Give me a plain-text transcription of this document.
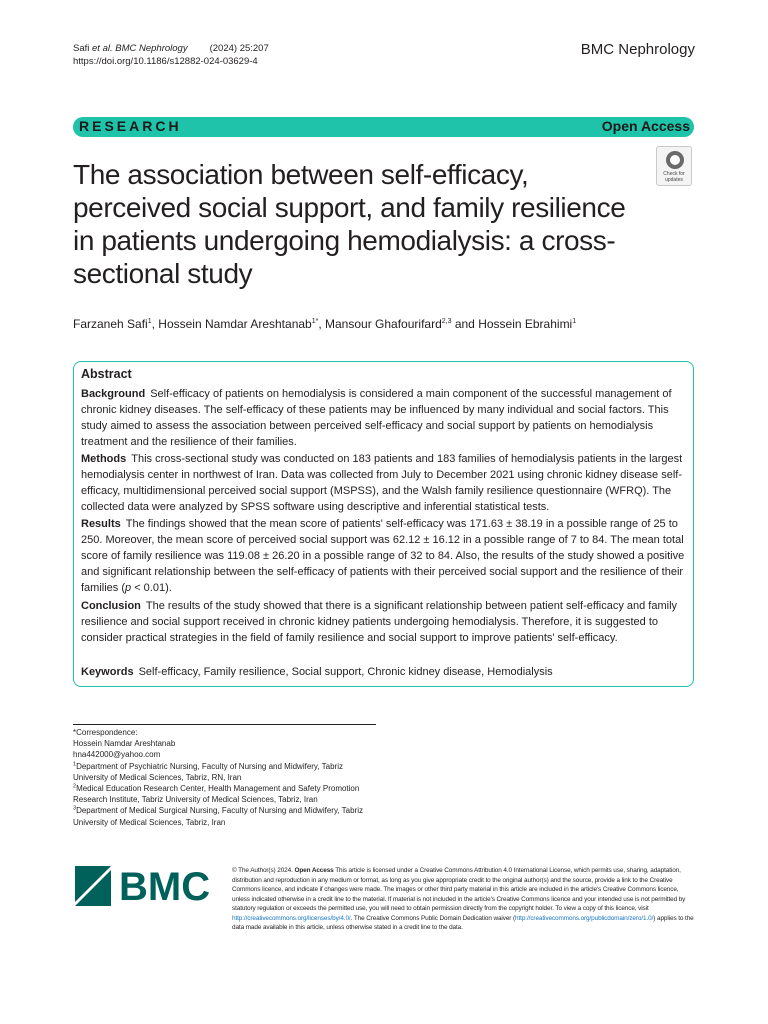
Safi et al. BMC Nephrology (2024) 25:207
https://doi.org/10.1186/s12882-024-03629-4
BMC Nephrology
RESEARCH	Open Access
Check for
updates
The association between self-efficacy, perceived social support, and family resilience in patients undergoing hemodialysis: a cross-sectional study
Farzaneh Safi$^1$, Hossein Namdar Areshtanab$^{1*}$, Mansour Ghafourifard$^{2,3}$ and Hossein Ebrahimi$^1$
Abstract

Background Self-efficacy of patients on hemodialysis is considered a main component of the successful management of chronic kidney diseases. The self-efficacy of these patients may be influenced by many individual and social factors. This study aimed to assess the association between perceived self-efficacy and social support by patients on hemodialysis treatment and the resilience of their families.

Methods This cross-sectional study was conducted on 183 patients and 183 families of hemodialysis patients in the largest hemodialysis center in northwest of Iran. Data was collected from July to December 2021 using chronic kidney disease self-efficacy, multidimensional perceived social support (MSPSS), and the Walsh family resilience questionnaire (WFRQ). The collected data were analyzed by SPSS software using descriptive and inferential statistical tests.

Results The findings showed that the mean score of patients' self-efficacy was 171.63 ± 38.19 in a possible range of 25 to 250. Moreover, the mean score of perceived social support was 62.12 ± 16.12 in a possible range of 7 to 84. The mean total score of family resilience was 119.08 ± 26.20 in a possible range of 32 to 84. Also, the results of the study showed a positive and significant relationship between the self-efficacy of patients with their perceived social support and the resilience of their families (p < 0.01).

Conclusion The results of the study showed that there is a significant relationship between patient self-efficacy and family resilience and social support received in chronic kidney patients undergoing hemodialysis. Therefore, it is suggested to consider practical strategies in the field of family resilience and social support to improve patients' self-efficacy.

Keywords Self-efficacy, Family resilience, Social support, Chronic kidney disease, Hemodialysis

*Correspondence:
Hossein Namdar Areshtanab
hna442000@yahoo.com
$^1$Department of Psychiatric Nursing, Faculty of Nursing and Midwifery, Tabriz University of Medical Sciences, Tabriz, RN, Iran
$^2$Medical Education Research Center, Health Management and Safety Promotion Research Institute, Tabriz University of Medical Sciences, Tabriz, Iran
$^3$Department of Medical Surgical Nursing, Faculty of Nursing and Midwifery, Tabriz University of Medical Sciences, Tabriz, Iran
BMC	© The Author(s) 2024. Open Access This article is licensed under a Creative Commons Attribution 4.0 International License, which permits use, sharing, adaptation, distribution and reproduction in any medium or format, as long as you give appropriate credit to the original author(s) and the source, provide a link to the Creative Commons licence, and indicate if changes were made. The images or other third party material in this article are included in the article's Creative Commons licence, unless indicated otherwise in a credit line to the material. If material is not included in the article's Creative Commons licence and your intended use is not permitted by statutory regulation or exceeds the permitted use, you will need to obtain permission directly from the copyright holder. To view a copy of this licence, visit http://creativecommons.org/licenses/by/4.0/. The Creative Commons Public Domain Dedication waiver (http://creativecommons.org/publicdomain/zero/1.0/) applies to the data made available in this article, unless otherwise stated in a credit line to the data.
